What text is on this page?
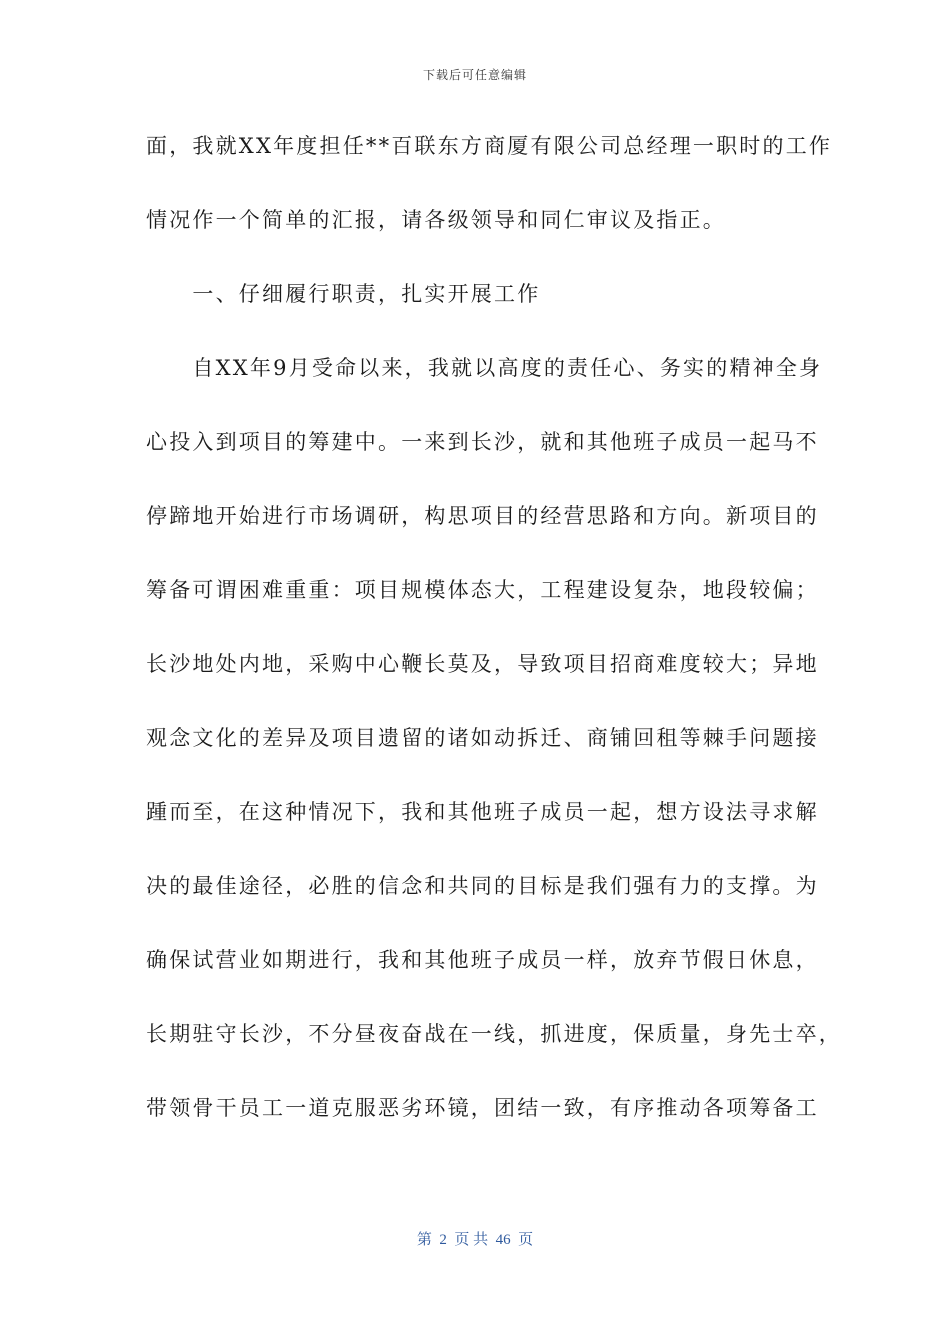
下载后可任意编辑
面，我就XX年度担任**百联东方商厦有限公司总经理一职时的工作
情况作一个简单的汇报，请各级领导和同仁审议及指正。
　　一、仔细履行职责，扎实开展工作
　　自XX年9月受命以来，我就以高度的责任心、务实的精神全身
心投入到项目的筹建中。一来到长沙，就和其他班子成员一起马不
停蹄地开始进行市场调研，构思项目的经营思路和方向。新项目的
筹备可谓困难重重：项目规模体态大，工程建设复杂，地段较偏；
长沙地处内地，采购中心鞭长莫及，导致项目招商难度较大；异地
观念文化的差异及项目遗留的诸如动拆迁、商铺回租等棘手问题接
踵而至，在这种情况下，我和其他班子成员一起，想方设法寻求解
决的最佳途径，必胜的信念和共同的目标是我们强有力的支撑。为
确保试营业如期进行，我和其他班子成员一样，放弃节假日休息，
长期驻守长沙，不分昼夜奋战在一线，抓进度，保质量，身先士卒，
带领骨干员工一道克服恶劣环镜，团结一致，有序推动各项筹备工
第  2  页 共  46  页
